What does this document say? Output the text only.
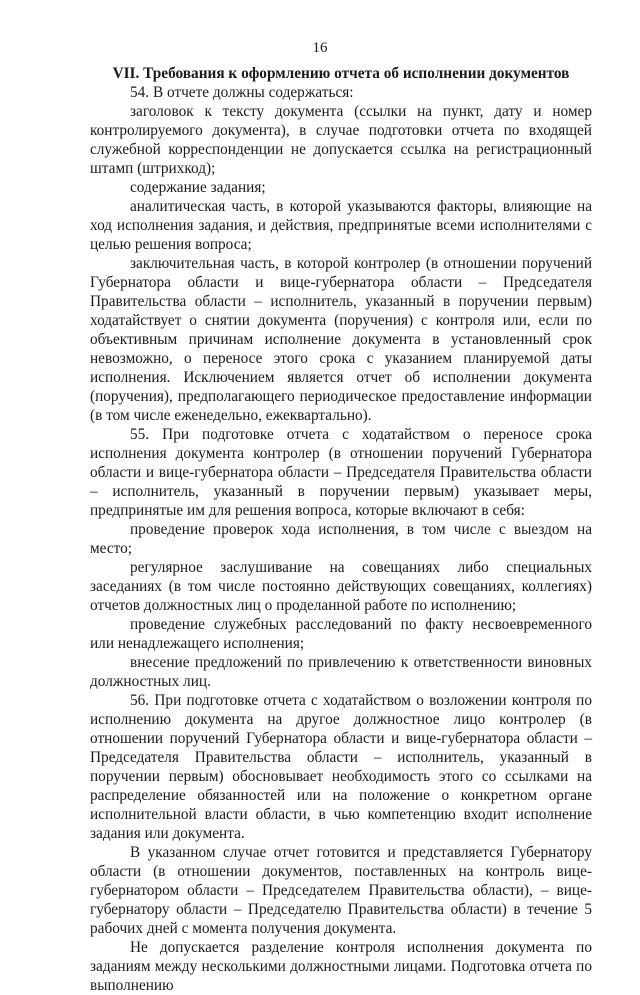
16

VII. Требования к оформлению отчета об исполнении документов

54. В отчете должны содержаться:

заголовок к тексту документа (ссылки на пункт, дату и номер контролируемого документа), в случае подготовки отчета по входящей служебной корреспонденции не допускается ссылка на регистрационный штамп (штрихкод);

содержание задания;

аналитическая часть, в которой указываются факторы, влияющие на ход исполнения задания, и действия, предпринятые всеми исполнителями с целью решения вопроса;

заключительная часть, в которой контролер (в отношении поручений Губернатора области и вице-губернатора области – Председателя Правительства области – исполнитель, указанный в поручении первым) ходатайствует о снятии документа (поручения) с контроля или, если по объективным причинам исполнение документа в установленный срок невозможно, о переносе этого срока с указанием планируемой даты исполнения. Исключением является отчет об исполнении документа (поручения), предполагающего периодическое предоставление информации (в том числе еженедельно, ежеквартально).

55. При подготовке отчета с ходатайством о переносе срока исполнения документа контролер (в отношении поручений Губернатора области и вице-губернатора области – Председателя Правительства области – исполнитель, указанный в поручении первым) указывает меры, предпринятые им для решения вопроса, которые включают в себя:

проведение проверок хода исполнения, в том числе с выездом на место;

регулярное заслушивание на совещаниях либо специальных заседаниях (в том числе постоянно действующих совещаниях, коллегиях) отчетов должностных лиц о проделанной работе по исполнению;

проведение служебных расследований по факту несвоевременного или ненадлежащего исполнения;

внесение предложений по привлечению к ответственности виновных должностных лиц.

56. При подготовке отчета с ходатайством о возложении контроля по исполнению документа на другое должностное лицо контролер (в отношении поручений Губернатора области и вице-губернатора области – Председателя Правительства области – исполнитель, указанный в поручении первым) обосновывает необходимость этого со ссылками на распределение обязанностей или на положение о конкретном органе исполнительной власти области, в чью компетенцию входит исполнение задания или документа.

В указанном случае отчет готовится и представляется Губернатору области (в отношении документов, поставленных на контроль вице-губернатором области – Председателем Правительства области), – вице-губернатору области – Председателю Правительства области) в течение 5 рабочих дней с момента получения документа.

Не допускается разделение контроля исполнения документа по заданиям между несколькими должностными лицами. Подготовка отчета по выполнению
